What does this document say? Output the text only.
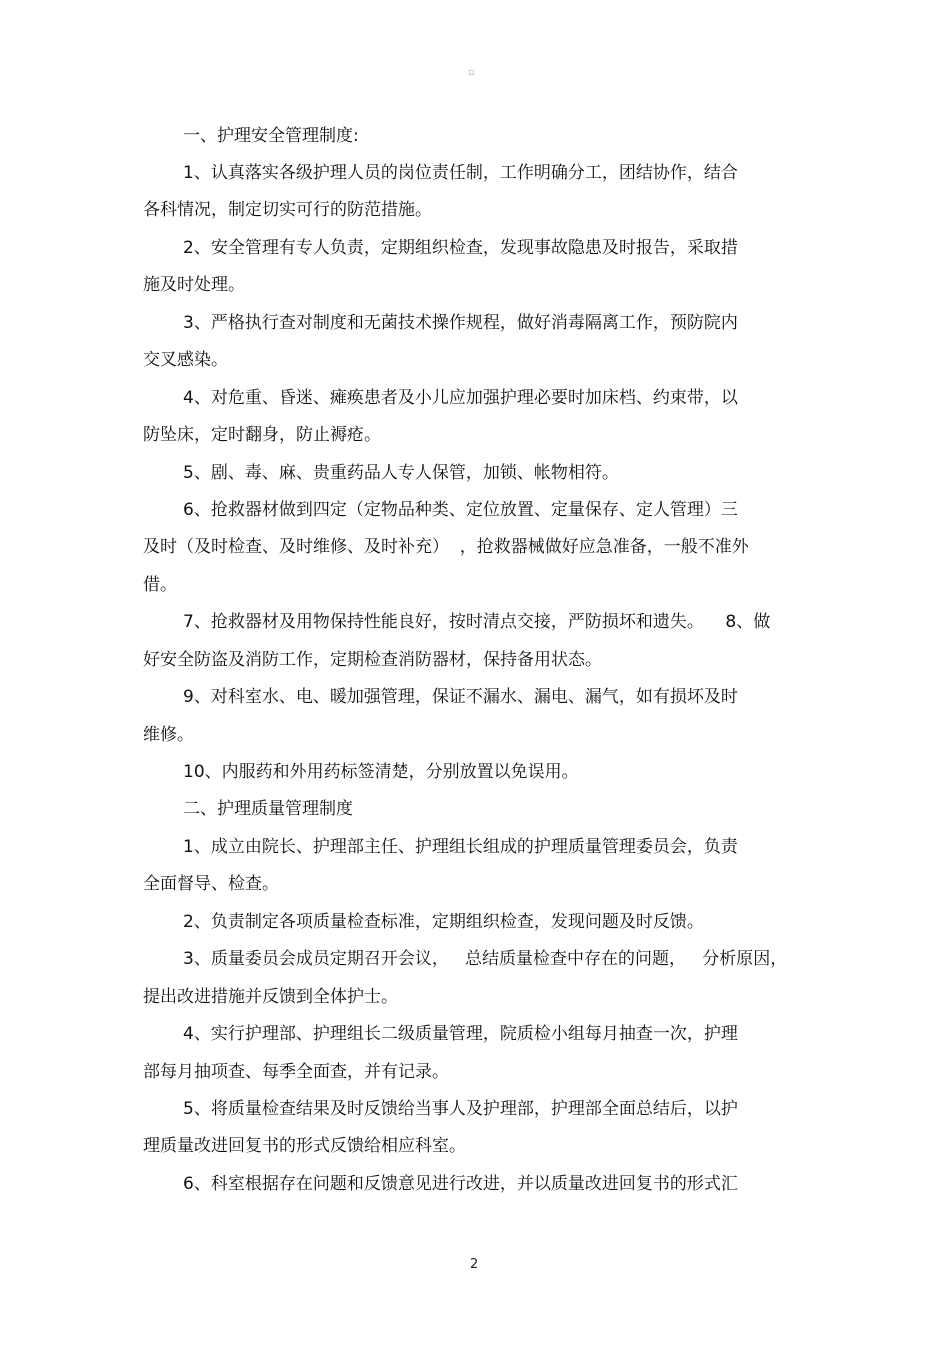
▫
一、护理安全管理制度:
1、认真落实各级护理人员的岗位责任制，工作明确分工，团结协作，结合
各科情况，制定切实可行的防范措施。
2、安全管理有专人负责，定期组织检查，发现事故隐患及时报告，采取措
施及时处理。
3、严格执行查对制度和无菌技术操作规程，做好消毒隔离工作，预防院内
交叉感染。
4、对危重、昏迷、瘫痪患者及小儿应加强护理必要时加床档、约束带，以
防坠床，定时翻身，防止褥疮。
5、剧、毒、麻、贵重药品人专人保管，加锁、帐物相符。
6、抢救器材做到四定（定物品种类、定位放置、定量保存、定人管理）三
及时（及时检查、及时维修、及时补充）  ，抢救器械做好应急准备，一般不准外
借。
7、抢救器材及用物保持性能良好，按时清点交接，严防损坏和遗失。    8、做
好安全防盗及消防工作，定期检查消防器材，保持备用状态。
9、对科室水、电、暖加强管理，保证不漏水、漏电、漏气，如有损坏及时
维修。
10、内服药和外用药标签清楚，分别放置以免误用。
二、护理质量管理制度
1、成立由院长、护理部主任、护理组长组成的护理质量管理委员会，负责
全面督导、检查。
2、负责制定各项质量检查标准，定期组织检查，发现问题及时反馈。
3、质量委员会成员定期召开会议，   总结质量检查中存在的问题，   分析原因，
提出改进措施并反馈到全体护士。
4、实行护理部、护理组长二级质量管理，院质检小组每月抽查一次，护理
部每月抽项查、每季全面查，并有记录。
5、将质量检查结果及时反馈给当事人及护理部，护理部全面总结后，以护
理质量改进回复书的形式反馈给相应科室。
6、科室根据存在问题和反馈意见进行改进，并以质量改进回复书的形式汇
2
